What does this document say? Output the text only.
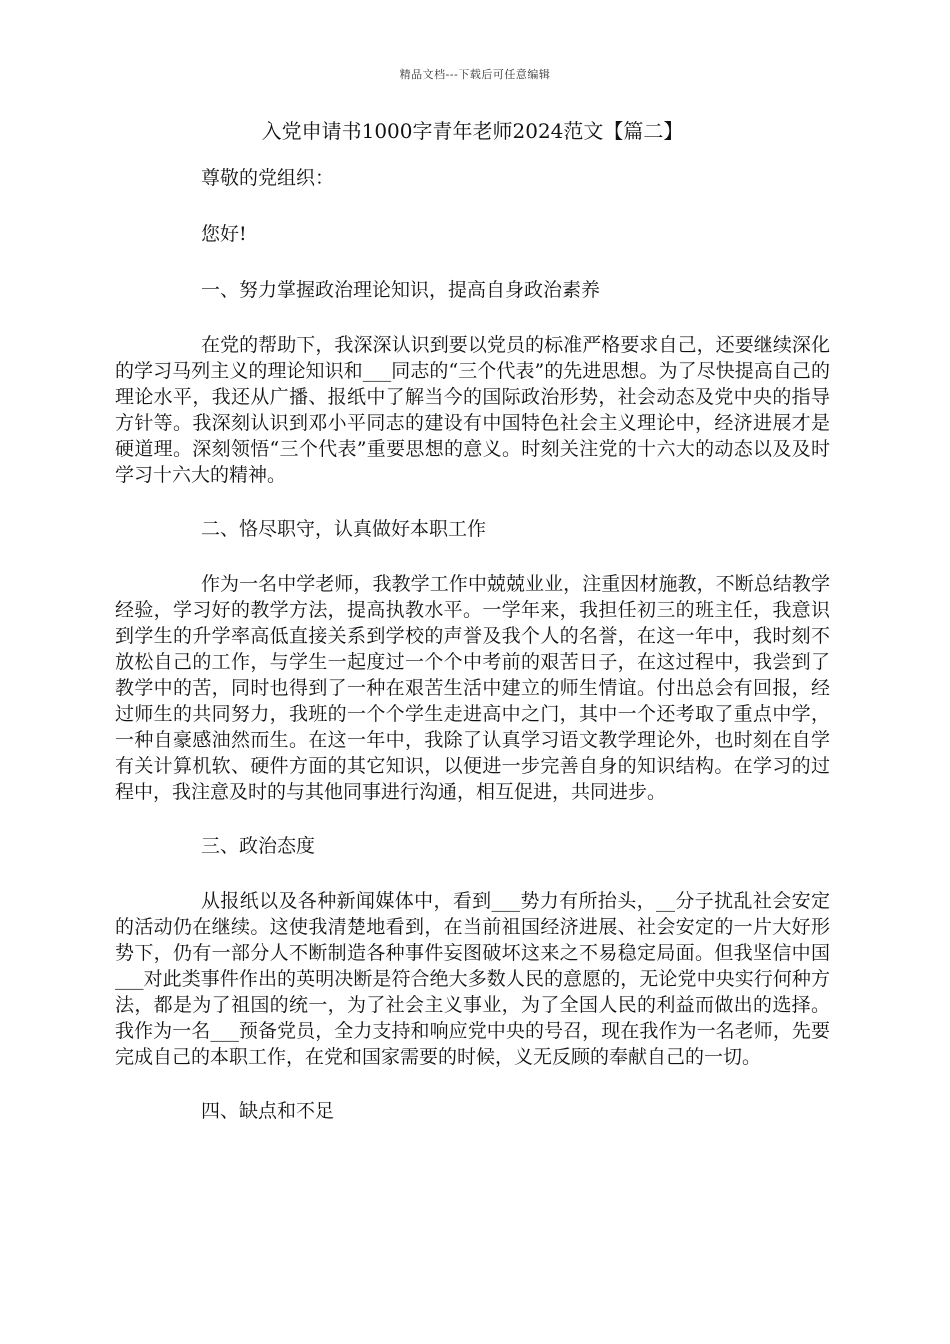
精品文档---下载后可任意编辑
入党申请书1000字青年老师2024范文【篇二】

尊敬的党组织：

您好!

一、努力掌握政治理论知识，提高自身政治素养

在党的帮助下，我深深认识到要以党员的标准严格要求自己，还要继续深化的学习马列主义的理论知识和___同志的“三个代表”的先进思想。为了尽快提高自己的理论水平，我还从广播、报纸中了解当今的国际政治形势，社会动态及党中央的指导方针等。我深刻认识到邓小平同志的建设有中国特色社会主义理论中，经济进展才是硬道理。深刻领悟“三个代表”重要思想的意义。时刻关注党的十六大的动态以及及时学习十六大的精神。

二、恪尽职守，认真做好本职工作

作为一名中学老师，我教学工作中兢兢业业，注重因材施教，不断总结教学经验，学习好的教学方法，提高执教水平。一学年来，我担任初三的班主任，我意识到学生的升学率高低直接关系到学校的声誉及我个人的名誉，在这一年中，我时刻不放松自己的工作，与学生一起度过一个个中考前的艰苦日子，在这过程中，我尝到了教学中的苦，同时也得到了一种在艰苦生活中建立的师生情谊。付出总会有回报，经过师生的共同努力，我班的一个个学生走进高中之门，其中一个还考取了重点中学，一种自豪感油然而生。在这一年中，我除了认真学习语文教学理论外，也时刻在自学有关计算机软、硬件方面的其它知识，以便进一步完善自身的知识结构。在学习的过程中，我注意及时的与其他同事进行沟通，相互促进，共同进步。

三、政治态度

从报纸以及各种新闻媒体中，看到___势力有所抬头，__分子扰乱社会安定的活动仍在继续。这使我清楚地看到，在当前祖国经济进展、社会安定的一片大好形势下，仍有一部分人不断制造各种事件妄图破坏这来之不易稳定局面。但我坚信中国___对此类事件作出的英明决断是符合绝大多数人民的意愿的，无论党中央实行何种方法，都是为了祖国的统一，为了社会主义事业，为了全国人民的利益而做出的选择。我作为一名___预备党员，全力支持和响应党中央的号召，现在我作为一名老师，先要完成自己的本职工作，在党和国家需要的时候，义无反顾的奉献自己的一切。

四、缺点和不足
